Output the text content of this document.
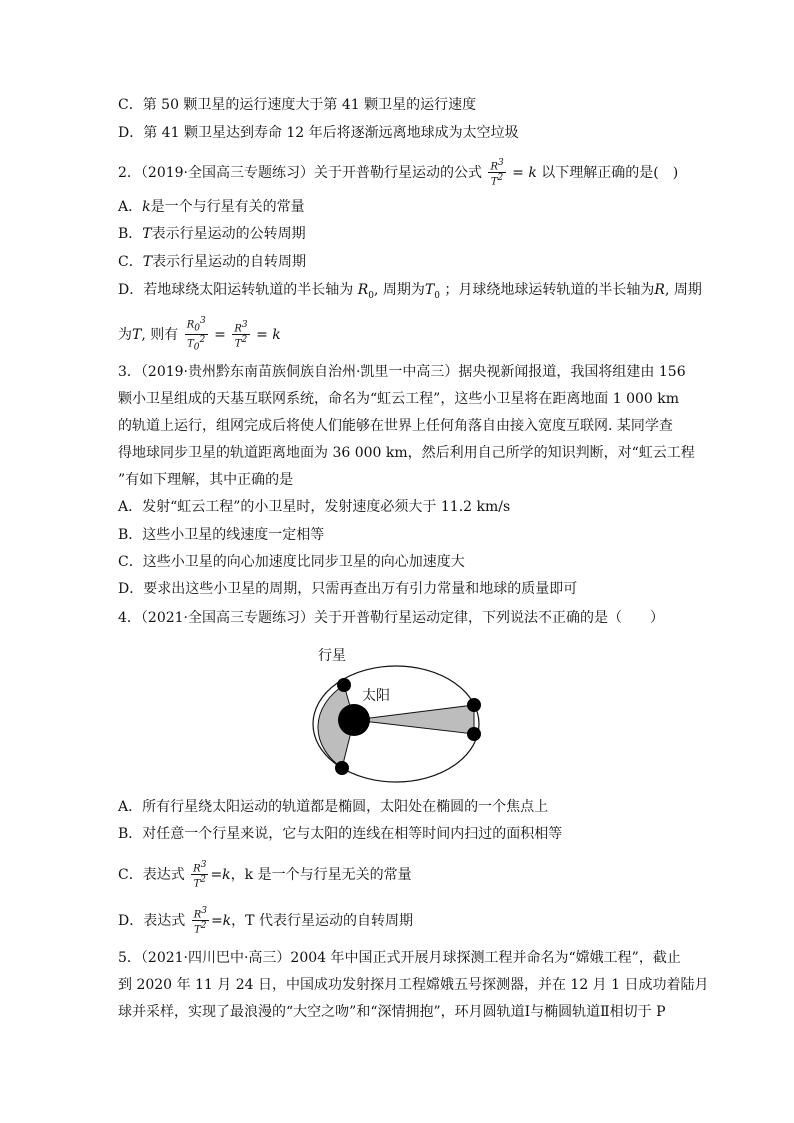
C．第 50 颗卫星的运行速度大于第 41 颗卫星的运行速度
D．第 41 颗卫星达到寿命 12 年后将逐渐远离地球成为太空垃圾
2．（2019·全国高三专题练习）关于开普勒行星运动的公式 $\frac{R^3}{T^2} = k$ 以下理解正确的是(　)
A．k是一个与行星有关的常量
B．T表示行星运动的公转周期
C．T表示行星运动的自转周期
D．若地球绕太阳运转轨道的半长轴为 $R_0$, 周期为$T_0$ ；月球绕地球运转轨道的半长轴为R, 周期
为T, 则有 $\frac{R_0^3}{T_0^2} = \frac{R^3}{T^2} = k$
3．（2019·贵州黔东南苗族侗族自治州·凯里一中高三）据央视新闻报道，我国将组建由 156
颗小卫星组成的天基互联网系统，命名为“虹云工程”，这些小卫星将在距离地面 1 000 km
的轨道上运行，组网完成后将使人们能够在世界上任何角落自由接入宽度互联网. 某同学查
得地球同步卫星的轨道距离地面为 36 000 km，然后利用自己所学的知识判断，对“虹云工程
”有如下理解，其中正确的是
A．发射“虹云工程”的小卫星时，发射速度必须大于 11.2 km/s
B．这些小卫星的线速度一定相等
C．这些小卫星的向心加速度比同步卫星的向心加速度大
D．要求出这些小卫星的周期，只需再查出万有引力常量和地球的质量即可
4．（2021·全国高三专题练习）关于开普勒行星运动定律，下列说法不正确的是（　　）
行星
太阳
A．所有行星绕太阳运动的轨道都是椭圆，太阳处在椭圆的一个焦点上
B．对任意一个行星来说，它与太阳的连线在相等时间内扫过的面积相等
C．表达式 $\frac{R^3}{T^2} =k$，k 是一个与行星无关的常量
D．表达式 $\frac{R^3}{T^2} =k$，T 代表行星运动的自转周期
5．（2021·四川巴中·高三）2004 年中国正式开展月球探测工程并命名为“嫦娥工程”，截止
到 2020 年 11 月 24 日，中国成功发射探月工程嫦娥五号探测器，并在 12 月 1 日成功着陆月
球并采样，实现了最浪漫的“大空之吻”和“深情拥抱”，环月圆轨道Ⅰ与椭圆轨道Ⅱ相切于 P
